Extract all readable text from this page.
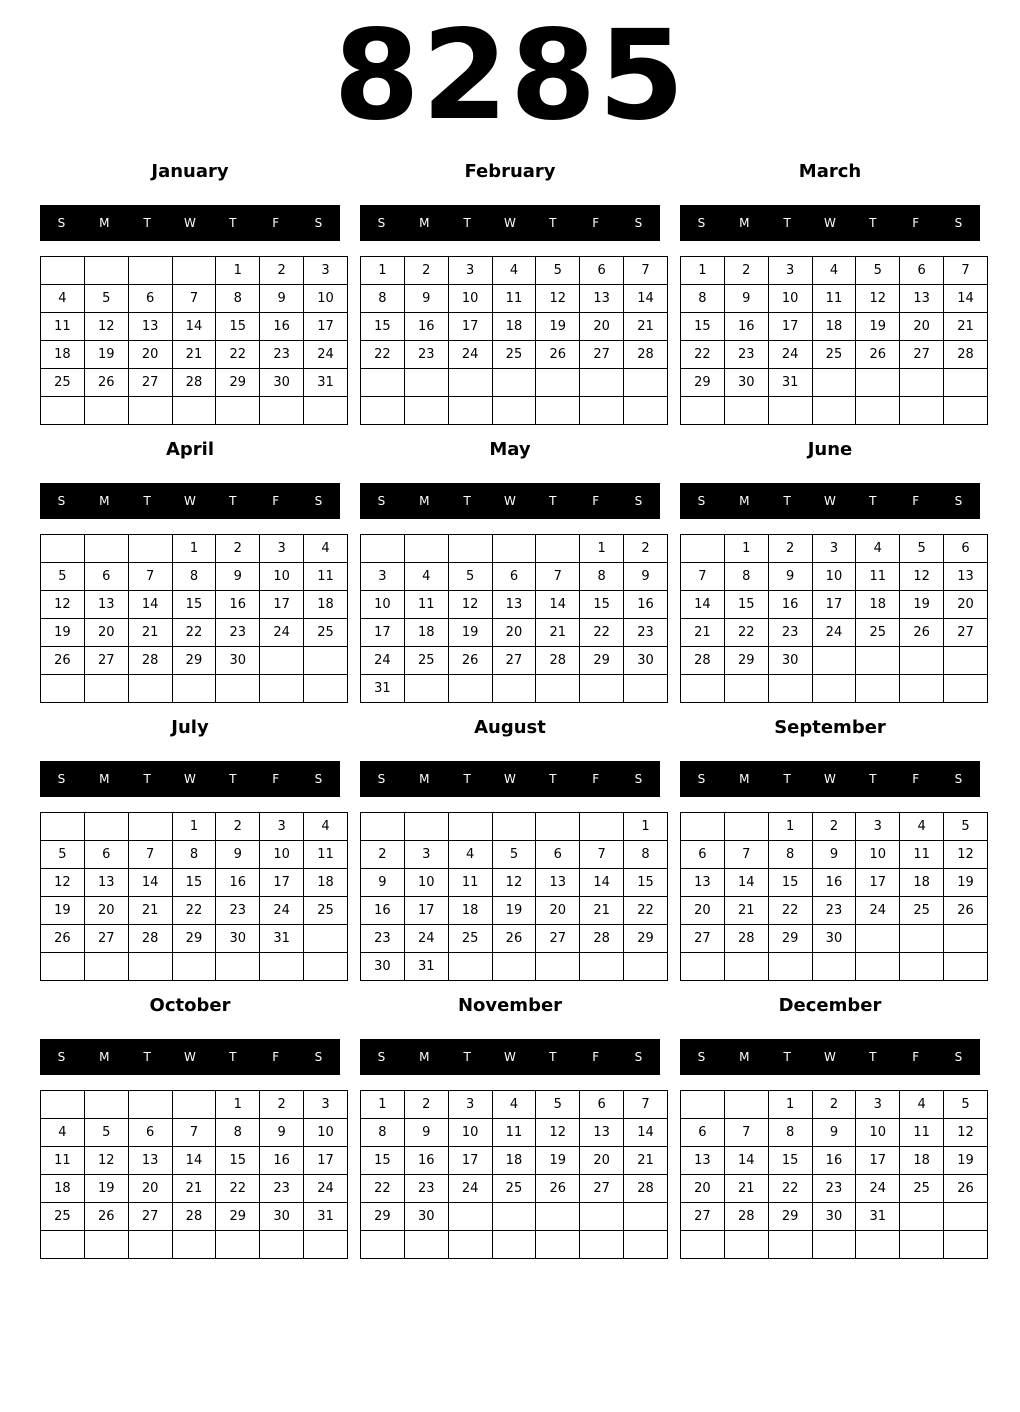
8285
January
S	M	T	W	T	F	S
				1	2	3
4	5	6	7	8	9	10
11	12	13	14	15	16	17
18	19	20	21	22	23	24
25	26	27	28	29	30	31

February
S	M	T	W	T	F	S
1	2	3	4	5	6	7
8	9	10	11	12	13	14
15	16	17	18	19	20	21
22	23	24	25	26	27	28

March
S	M	T	W	T	F	S
1	2	3	4	5	6	7
8	9	10	11	12	13	14
15	16	17	18	19	20	21
22	23	24	25	26	27	28
29	30	31				

April
S	M	T	W	T	F	S
			1	2	3	4
5	6	7	8	9	10	11
12	13	14	15	16	17	18
19	20	21	22	23	24	25
26	27	28	29	30		

May
S	M	T	W	T	F	S
					1	2
3	4	5	6	7	8	9
10	11	12	13	14	15	16
17	18	19	20	21	22	23
24	25	26	27	28	29	30
31						
June
S	M	T	W	T	F	S
	1	2	3	4	5	6
7	8	9	10	11	12	13
14	15	16	17	18	19	20
21	22	23	24	25	26	27
28	29	30				

July
S	M	T	W	T	F	S
			1	2	3	4
5	6	7	8	9	10	11
12	13	14	15	16	17	18
19	20	21	22	23	24	25
26	27	28	29	30	31	

August
S	M	T	W	T	F	S
						1
2	3	4	5	6	7	8
9	10	11	12	13	14	15
16	17	18	19	20	21	22
23	24	25	26	27	28	29
30	31					
September
S	M	T	W	T	F	S
		1	2	3	4	5
6	7	8	9	10	11	12
13	14	15	16	17	18	19
20	21	22	23	24	25	26
27	28	29	30			

October
S	M	T	W	T	F	S
				1	2	3
4	5	6	7	8	9	10
11	12	13	14	15	16	17
18	19	20	21	22	23	24
25	26	27	28	29	30	31

November
S	M	T	W	T	F	S
1	2	3	4	5	6	7
8	9	10	11	12	13	14
15	16	17	18	19	20	21
22	23	24	25	26	27	28
29	30					

December
S	M	T	W	T	F	S
		1	2	3	4	5
6	7	8	9	10	11	12
13	14	15	16	17	18	19
20	21	22	23	24	25	26
27	28	29	30	31		
